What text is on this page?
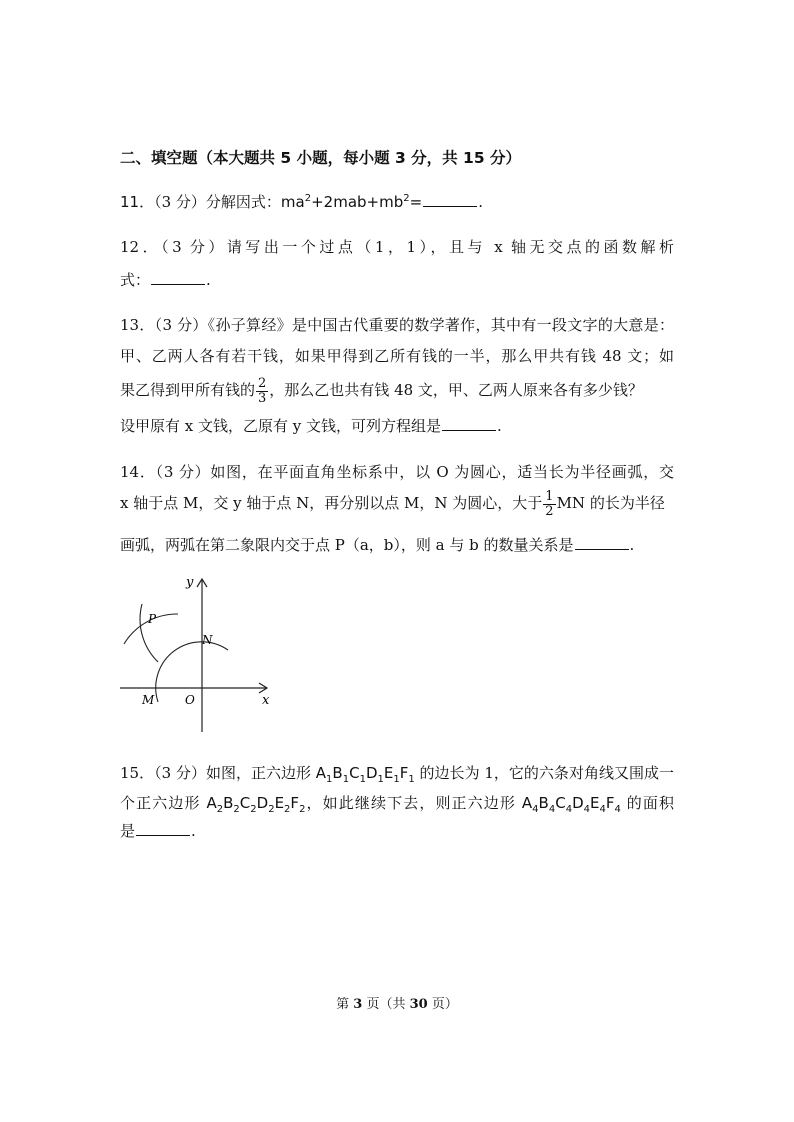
二、填空题（本大题共 5 小题，每小题 3 分，共 15 分）
11．（3 分）分解因式：$ma^2+2mab+mb^2=$	.
12．（3 分）请写出一个过点（1，1），且与 x 轴无交点的函数解析
式：	.
13．（3 分）《孙子算经》是中国古代重要的数学著作，其中有一段文字的大意是：
甲、乙两人各有若干钱，如果甲得到乙所有钱的一半，那么甲共有钱 48 文；如
果乙得到甲所有钱的 $\frac{2}{3}$ ，那么乙也共有钱 48 文，甲、乙两人原来各有多少钱？
设甲原有 x 文钱，乙原有 y 文钱，可列方程组是	.
14．（3 分）如图，在平面直角坐标系中，以 O 为圆心，适当长为半径画弧，交
x 轴于点 M，交 y 轴于点 N，再分别以点 M，N 为圆心，大于 $\frac{1}{2}$ MN 的长为半径
画弧，两弧在第二象限内交于点 P（a，b），则 a 与 b 的数量关系是	.
y
x
P
N
M	O
15．（3 分）如图，正六边形 $A_1B_1C_1D_1E_1F_1$ 的边长为 1，它的六条对角线又围成一
个正六边形 $A_2B_2C_2D_2E_2F_2$，如此继续下去，则正六边形 $A_4B_4C_4D_4E_4F_4$ 的面积
是	.
第 3 页（共 30 页）
